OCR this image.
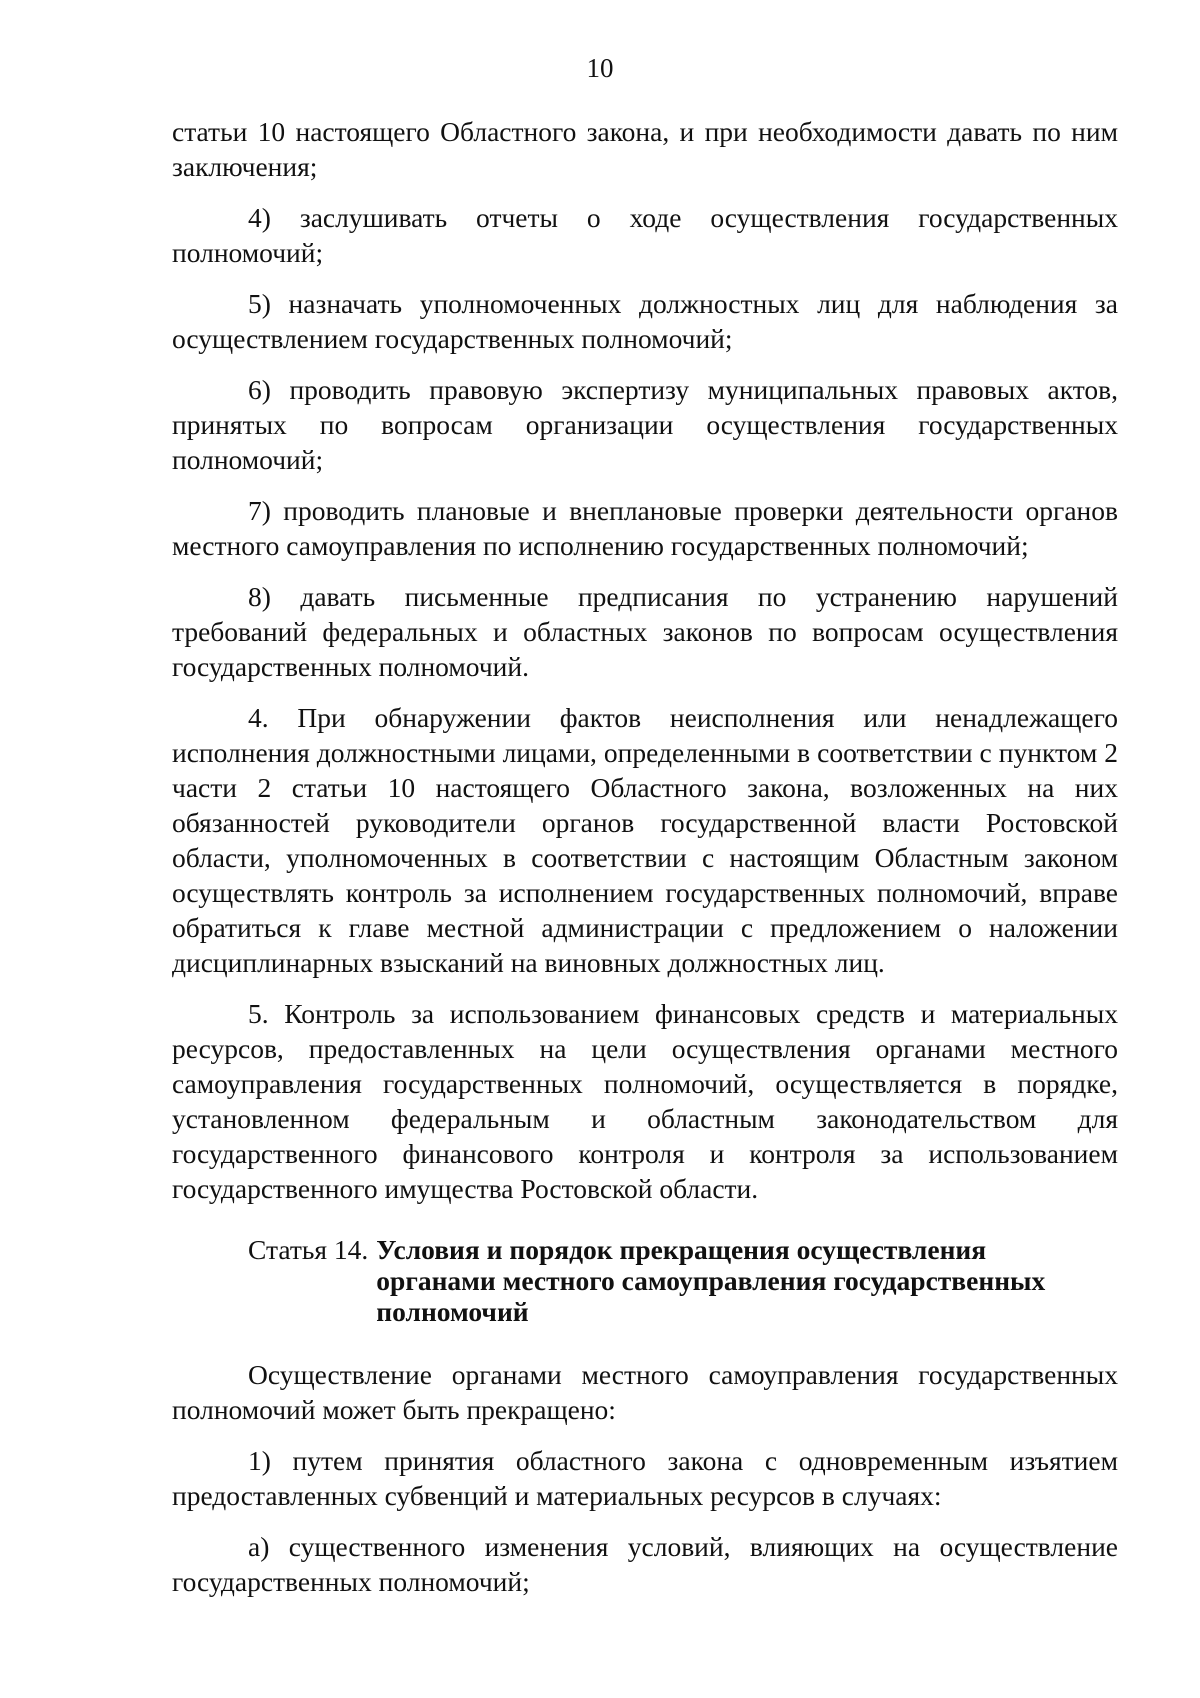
10

статьи 10 настоящего Областного закона, и при необходимости давать по ним заключения;

4) заслушивать отчеты о ходе осуществления государственных полномочий;

5) назначать уполномоченных должностных лиц для наблюдения за осуществлением государственных полномочий;

6) проводить правовую экспертизу муниципальных правовых актов, принятых по вопросам организации осуществления государственных полномочий;

7) проводить плановые и внеплановые проверки деятельности органов местного самоуправления по исполнению государственных полномочий;

8) давать письменные предписания по устранению нарушений требований федеральных и областных законов по вопросам осуществления государственных полномочий.

4. При обнаружении фактов неисполнения или ненадлежащего исполнения должностными лицами, определенными в соответствии с пунктом 2 части 2 статьи 10 настоящего Областного закона, возложенных на них обязанностей руководители органов государственной власти Ростовской области, уполномоченных в соответствии с настоящим Областным законом осуществлять контроль за исполнением государственных полномочий, вправе обратиться к главе местной администрации с предложением о наложении дисциплинарных взысканий на виновных должностных лиц.

5. Контроль за использованием финансовых средств и материальных ресурсов, предоставленных на цели осуществления органами местного самоуправления государственных полномочий, осуществляется в порядке, установленном федеральным и областным законодательством для государственного финансового контроля и контроля за использованием государственного имущества Ростовской области.

Статья 14. Условия и порядок прекращения осуществления органами местного самоуправления государственных полномочий

Осуществление органами местного самоуправления государственных полномочий может быть прекращено:

1) путем принятия областного закона с одновременным изъятием предоставленных субвенций и материальных ресурсов в случаях:

а) существенного изменения условий, влияющих на осуществление государственных полномочий;
